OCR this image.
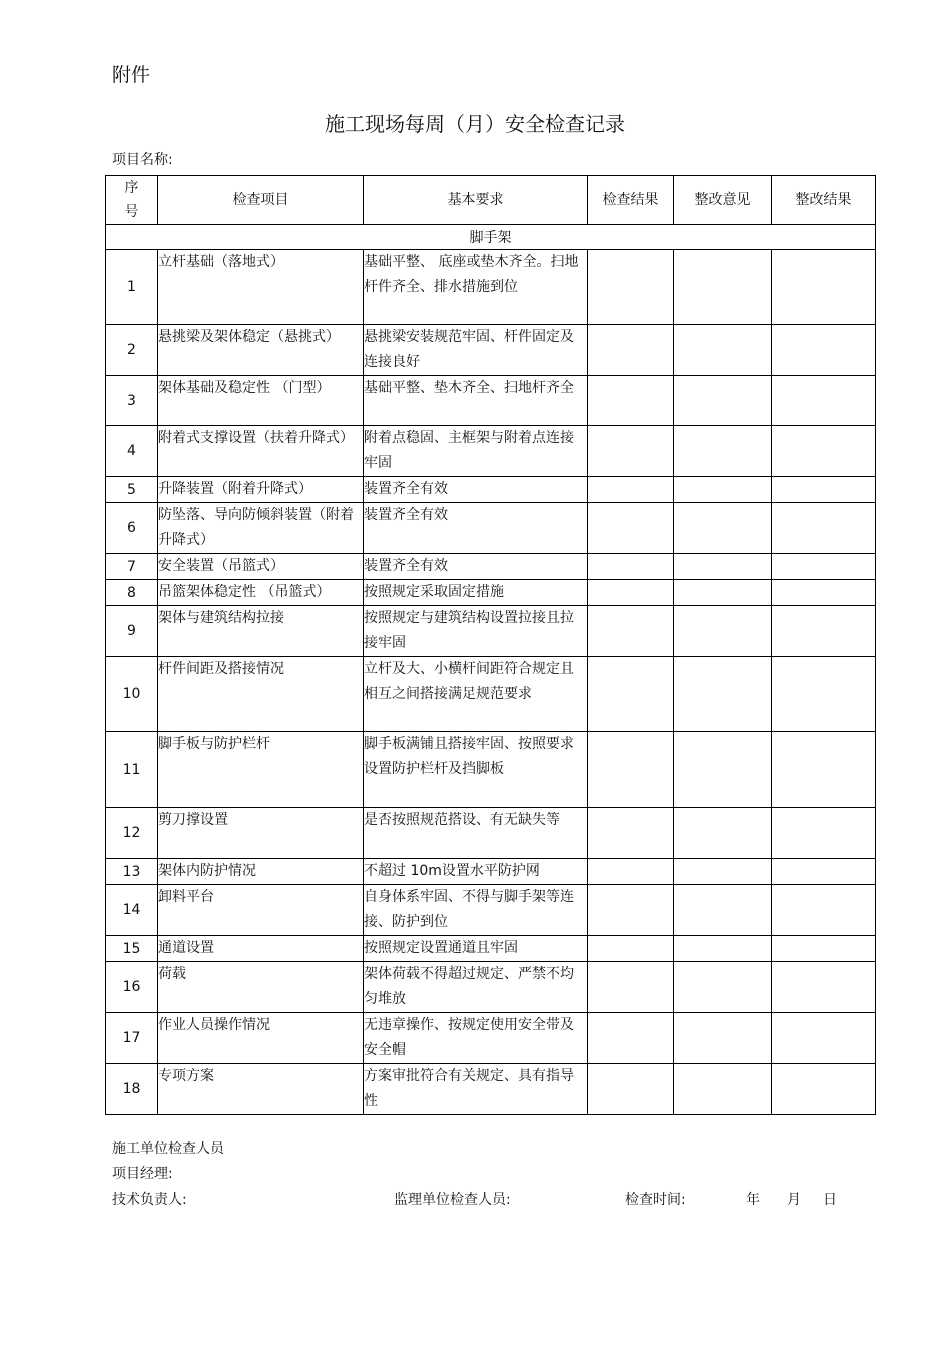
附件
施工现场每周（月）安全检查记录
项目名称:
序
号	检查项目	基本要求	检查结果	整改意见	整改结果
脚手架					
1	立杆基础（落地式）	基础平整、 底座或垫木齐全。扫地杆件齐全、排水措施到位			
2	悬挑梁及架体稳定（悬挑式）	悬挑梁安装规范牢固、杆件固定及连接良好			
3	架体基础及稳定性 （门型）	基础平整、垫木齐全、扫地杆齐全			
4	附着式支撑设置（扶着升降式）	附着点稳固、主框架与附着点连接牢固			
5	升降装置（附着升降式）	装置齐全有效			
6	防坠落、导向防倾斜装置（附着升降式）	装置齐全有效			
7	安全装置（吊篮式）	装置齐全有效			
8	吊篮架体稳定性 （吊篮式）	按照规定采取固定措施			
9	架体与建筑结构拉接	按照规定与建筑结构设置拉接且拉接牢固			
10	杆件间距及搭接情况	立杆及大、小横杆间距符合规定且相互之间搭接满足规范要求			
11	脚手板与防护栏杆	脚手板满铺且搭接牢固、按照要求设置防护栏杆及挡脚板			
12	剪刀撑设置	是否按照规范搭设、有无缺失等			
13	架体内防护情况	不超过 10m设置水平防护网			
14	卸料平台	自身体系牢固、不得与脚手架等连接、防护到位			
15	通道设置	按照规定设置通道且牢固			
16	荷载	架体荷载不得超过规定、严禁不均匀堆放			
17	作业人员操作情况	无违章操作、按规定使用安全带及安全帽			
18	专项方案	方案审批符合有关规定、具有指导性			
施工单位检查人员
项目经理:
技术负责人:	监理单位检查人员:	检查时间:	年 月 日
